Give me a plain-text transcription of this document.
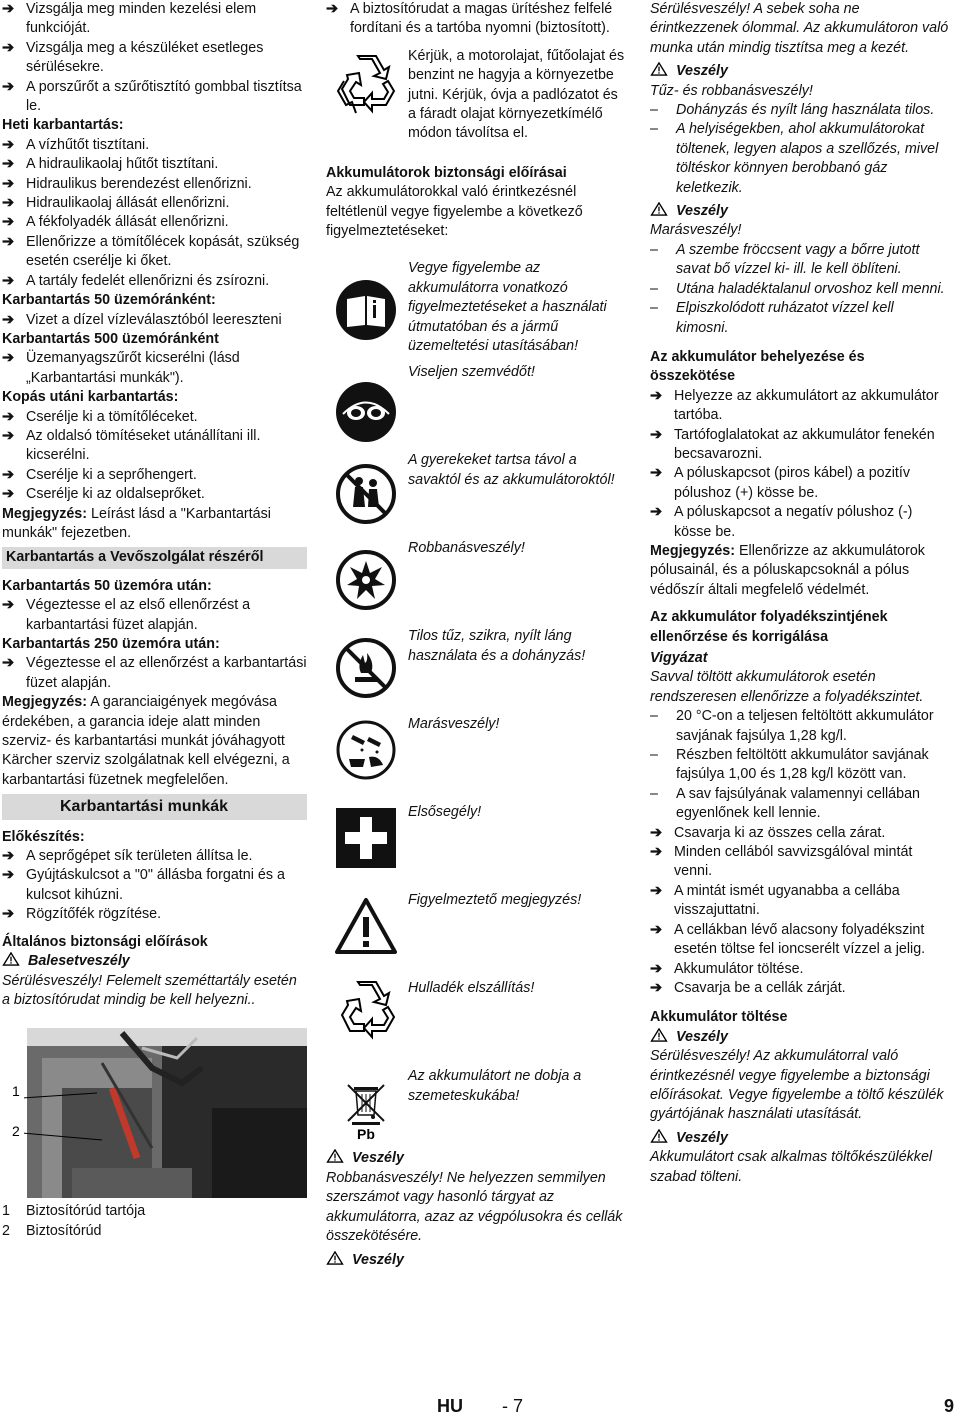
➔ Vizsgálja meg minden kezelési elem funkcióját.

➔ Vizsgálja meg a készüléket esetleges sérülésekre.

➔ A porszűrőt a szűrőtisztító gombbal tisztítsa le.

Heti karbantartás:

➔ A vízhűtőt tisztítani.

➔ A hidraulikaolaj hűtőt tisztítani.

➔ Hidraulikus berendezést ellenőrizni.

➔ Hidraulikaolaj állását ellenőrizni.

➔ A fékfolyadék állását ellenőrizni.

➔ Ellenőrizze a tömítőlécek kopását, szükség esetén cserélje ki őket.

➔ A tartály fedelét ellenőrizni és zsírozni.

Karbantartás 50 üzemóránként:

➔ Vizet a dízel vízleválasztóból leereszteni

Karbantartás 500 üzemóránként

➔ Üzemanyagszűrőt kicserélni (lásd „Karbantartási munkák").

Kopás utáni karbantartás:

➔ Cserélje ki a tömítőléceket.

➔ Az oldalsó tömítéseket utánállítani ill. kicserélni.

➔ Cserélje ki a seprőhengert.

➔ Cserélje ki az oldalseprőket.

Megjegyzés: Leírást lásd a "Karbantartási munkák" fejezetben.

Karbantartás a Vevőszolgálat részéről

Karbantartás 50 üzemóra után:

➔ Végeztesse el az első ellenőrzést a karbantartási füzet alapján.

Karbantartás 250 üzemóra után:

➔ Végeztesse el az ellenőrzést a karbantartási füzet alapján.

Megjegyzés: A garanciaigények megóvása érdekében, a garancia ideje alatt minden szerviz- és karbantartási munkát jóváhagyott Kärcher szerviz szolgálatnak kell elvégezni, a karbantartási füzetnek megfelelően.

Karbantartási munkák

Előkészítés:

➔ A seprőgépet sík területen állítsa le.

➔ Gyújtáskulcsot a "0" állásba forgatni és a kulcsot kihúzni.

➔ Rögzítőfék rögzítése.

Általános biztonsági előírások

Balesetveszély

Sérülésveszély! Felemelt szeméttartály esetén a biztosítórudat mindig be kell helyezni..

1
2

1 Biztosítórúd tartója

2 Biztosítórúd

➔ A biztosítórudat a magas ürítéshez felfelé fordítani és a tartóba nyomni (biztosított).

Kérjük, a motorolajat, fűtőolajat és benzint ne hagyja a környezetbe jutni. Kérjük, óvja a padlózatot és a fáradt olajat környezetkímélő módon távolítsa el.

Akkumulátorok biztonsági előírásai

Az akkumulátorokkal való érintkezésnél feltétlenül vegye figyelembe a következő figyelmeztetéseket:

Vegye figyelembe az akkumulátorra vonatkozó figyelmeztetéseket a használati útmutatóban és a jármű üzemeltetési utasításában!
Viseljen szemvédőt!
A gyerekeket tartsa távol a savaktól és az akkumulátoroktól!
Robbanásveszély!
Tilos tűz, szikra, nyílt láng használata és a dohányzás!
Marásveszély!
Elsősegély!
Figyelmeztető megjegyzés!
Hulladék elszállítás!
Pb
Az akkumulátort ne dobja a szemeteskukába!

Veszély

Robbanásveszély! Ne helyezzen semmilyen szerszámot vagy hasonló tárgyat az akkumulátorra, azaz az végpólusokra és cellák összekötésére.

Veszély

Sérülésveszély! A sebek soha ne érintkezzenek ólommal. Az akkumulátoron való munka után mindig tisztítsa meg a kezét.

Veszély

Tűz- és robbanásveszély!

– Dohányzás és nyílt láng használata tilos.

– A helyiségekben, ahol akkumulátorokat töltenek, legyen alapos a szellőzés, mivel töltéskor könnyen berobbanó gáz keletkezik.

Veszély

Marásveszély!

– A szembe fröccsent vagy a bőrre jutott savat bő vízzel ki- ill. le kell öblíteni.

– Utána haladéktalanul orvoshoz kell menni.

– Elpiszkolódott ruházatot vízzel kell kimosni.

Az akkumulátor behelyezése és összekötése

➔ Helyezze az akkumulátort az akkumulátor tartóba.

➔ Tartófoglalatokat az akkumulátor fenekén becsavarozni.

➔ A póluskapcsot (piros kábel) a pozitív pólushoz (+) kösse be.

➔ A póluskapcsot a negatív pólushoz (-) kösse be.

Megjegyzés: Ellenőrizze az akkumulátorok pólusainál, és a póluskapcsoknál a pólus védőszír általi megfelelő védelmét.

Az akkumulátor folyadékszintjének ellenőrzése és korrigálása

Vigyázat

Savval töltött akkumulátorok esetén rendszeresen ellenőrizze a folyadékszintet.

– 20 °C-on a teljesen feltöltött akkumulátor savjának fajsúlya 1,28 kg/l.

– Részben feltöltött akkumulátor savjának fajsúlya 1,00 és 1,28 kg/l között van.

– A sav fajsúlyának valamennyi cellában egyenlőnek kell lennie.

➔ Csavarja ki az összes cella zárat.

➔ Minden cellából savvizsgálóval mintát venni.

➔ A mintát ismét ugyanabba a cellába visszajuttatni.

➔ A cellákban lévő alacsony folyadékszint esetén töltse fel ioncserélt vízzel a jelig.

➔ Akkumulátor töltése.

➔ Csavarja be a cellák zárját.

Akkumulátor töltése

Veszély

Sérülésveszély! Az akkumulátorral való érintkezésnél vegye figyelembe a biztonsági előírásokat. Vegye figyelembe a töltő készülék gyártójának használati utasítását.

Veszély

Akkumulátort csak alkalmas töltőkészülékkel szabad tölteni.

HU - 7	9
